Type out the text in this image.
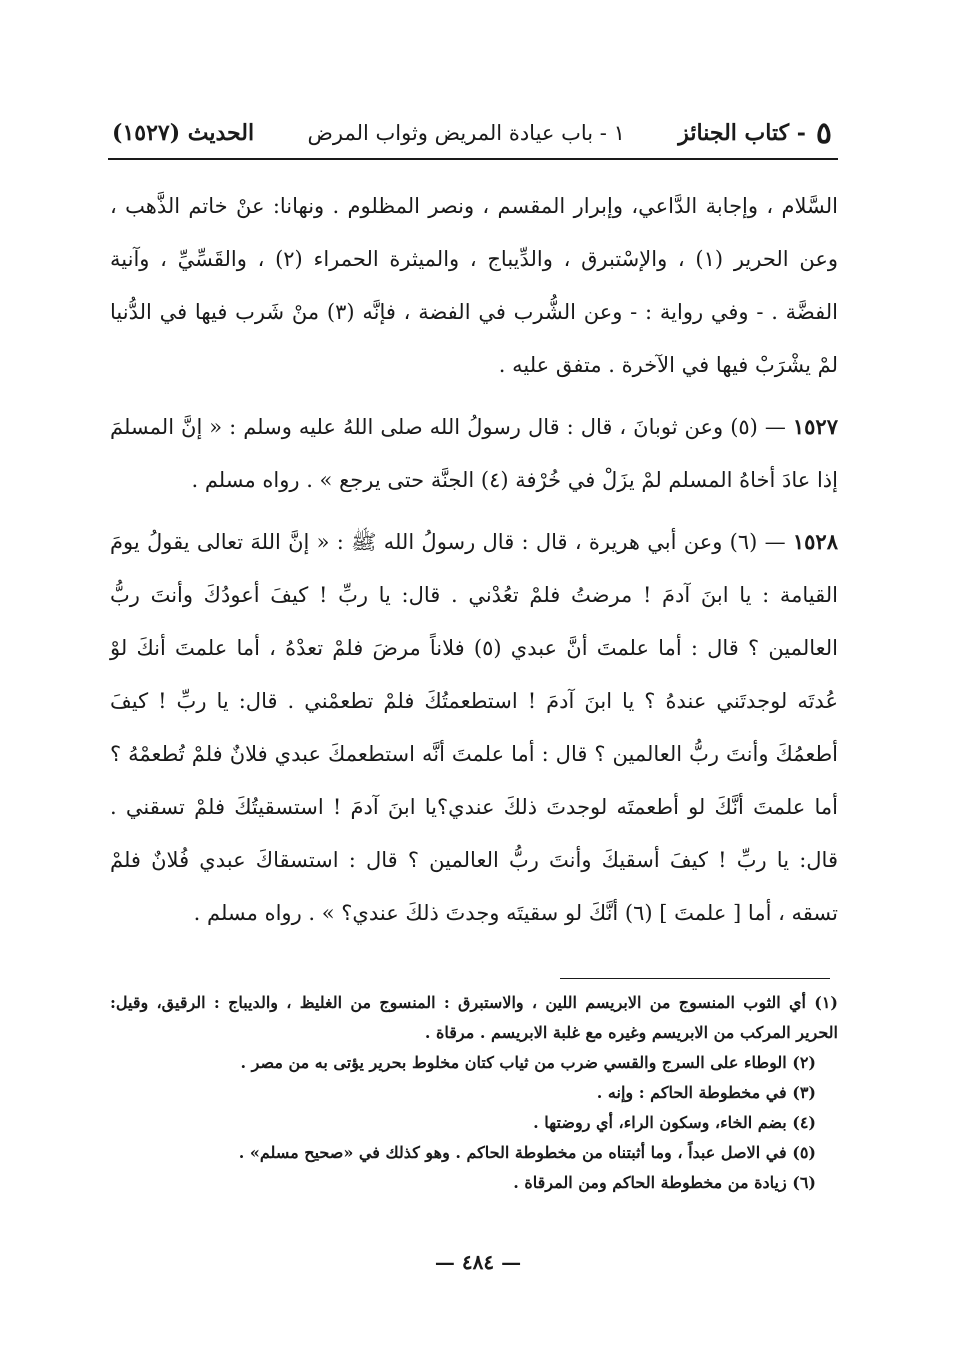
٥
- كتاب الجنائز
١ - باب عيادة المريض وثواب المرض
الحديث (١٥٢٧)

السَّلام ، وإجابة الدَّاعي، وإبرار المقسم ، ونصر المظلوم . ونهانا: عنْ خاتم الذَّهب ، وعن الحرير (١) ، والإسْتبرق ، والدِّيباج ، والميثرة الحمراء (٢) ، والقَسِّيِّ ، وآنية الفضَّة . - وفي رواية : - وعن الشُّرب في الفضة ، فإنَّه (٣) منْ شَرب فيها في الدُّنيا لمْ يشْرَبْ فيها في الآخرة . متفق عليه .

١٥٢٧ — (٥) وعن ثوبانَ ، قال : قال رسولُ الله صلى اللهُ عليه وسلم : « إنَّ المسلمَ إذا عادَ أخاهُ المسلم لمْ يزَلْ في خُرْفة (٤) الجنَّة حتى يرجع » . رواه مسلم .

١٥٢٨ — (٦) وعن أبي هريرة ، قال : قال رسولُ الله ﷺ : « إنَّ اللهَ تعالى يقولُ يومَ القيامة : يا ابنَ آدمَ ! مرضتُ فلمْ تعُدْني . قال: يا ربِّ ! كيفَ أعودُكَ وأنتَ ربُّ العالمين ؟ قال : أما علمتَ أنَّ عبدي (٥) فلاناً مرضَ فلمْ تعدْهُ ، أما علمتَ أنكَ لوْ عُدتَه لوجدتَني عندهُ ؟ يا ابنَ آدمَ ! استطعمتُكَ فلمْ تطعمْني . قال: يا ربِّ ! كيفَ أطعمُكَ وأنتَ ربُّ العالمين ؟ قال : أما علمتَ أنَّه استطعمكَ عبدي فلانٌ فلمْ تُطعمْهُ ؟ أما علمتَ أنَّكَ لو أطعمتَه لوجدتَ ذلكَ عندي؟يا ابنَ آدمَ ! استسقيتُكَ فلمْ تسقني . قال: يا ربِّ ! كيفَ أسقيكَ وأنتَ ربُّ العالمين ؟ قال : استسقاكَ عبدي فُلانٌ فلمْ تسقه ، أما [ علمتَ ] (٦) أنَّكَ لو سقيتَه وجدتَ ذلكَ عندي؟ » . رواه مسلم .

(١) أي الثوب المنسوج من الابريسم اللين ، والاستبرق : المنسوج من الغليظ ، والديباج : الرقيق، وقيل: الحرير المركب من الابريسم وغيره مع غلبة الابريسم . مرقاة .

(٢) الوطاء على السرج والقسي ضرب من ثياب كتان مخلوط بحرير يؤتى به من مصر .

(٣) في مخطوطة الحاكم : وإنه .

(٤) بضم الخاء، وسكون الراء، أي روضتها .

(٥) في الاصل عبداً ، وما أثبتناه من مخطوطة الحاكم . وهو كذلك في «صحيح مسلم» .

(٦) زيادة من مخطوطة الحاكم ومن المرقاة .

— ٤٨٤ —
